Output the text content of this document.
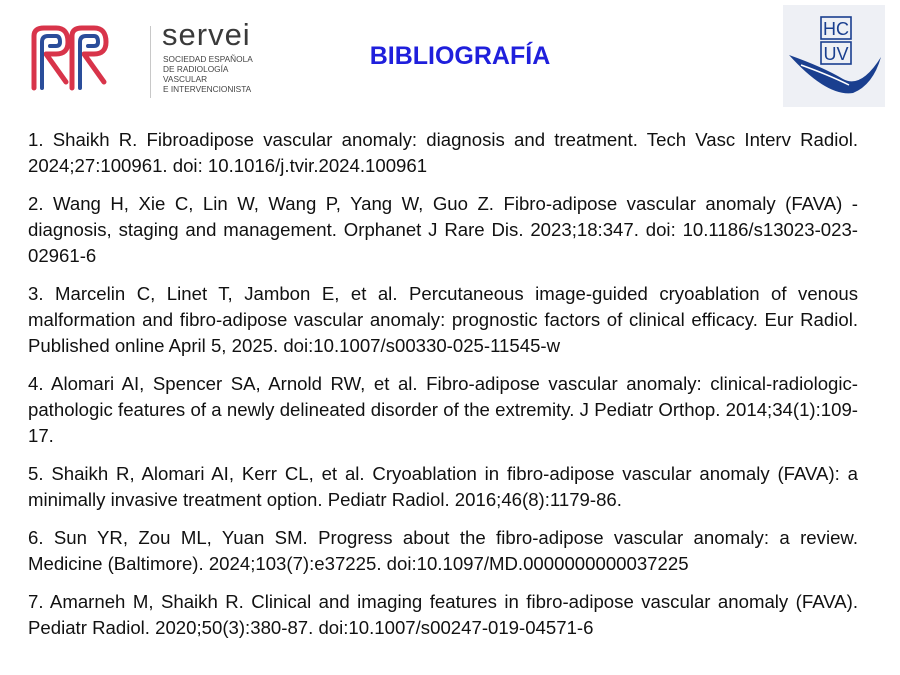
servei
SOCIEDAD ESPAÑOLA
DE RADIOLOGÍA
VASCULAR
E INTERVENCIONISTA
BIBLIOGRAFÍA
HC
UV

1. Shaikh R. Fibroadipose vascular anomaly: diagnosis and treatment. Tech Vasc Interv Radiol. 2024;27:100961. doi: 10.1016/j.tvir.2024.100961

2. Wang H, Xie C, Lin W, Wang P, Yang W, Guo Z. Fibro-adipose vascular anomaly (FAVA) - diagnosis, staging and management. Orphanet J Rare Dis. 2023;18:347. doi: 10.1186/s13023-023-02961-6

3. Marcelin C, Linet T, Jambon E, et al. Percutaneous image-guided cryoablation of venous malformation and fibro-adipose vascular anomaly: prognostic factors of clinical efficacy. Eur Radiol. Published online April 5, 2025. doi:10.1007/s00330-025-11545-w

4. Alomari AI, Spencer SA, Arnold RW, et al. Fibro-adipose vascular anomaly: clinical-radiologic-pathologic features of a newly delineated disorder of the extremity. J Pediatr Orthop. 2014;34(1):109-17.

5. Shaikh R, Alomari AI, Kerr CL, et al. Cryoablation in fibro-adipose vascular anomaly (FAVA): a minimally invasive treatment option. Pediatr Radiol. 2016;46(8):1179-86.

6. Sun YR, Zou ML, Yuan SM. Progress about the fibro-adipose vascular anomaly: a review. Medicine (Baltimore). 2024;103(7):e37225. doi:10.1097/MD.0000000000037225

7. Amarneh M, Shaikh R. Clinical and imaging features in fibro-adipose vascular anomaly (FAVA). Pediatr Radiol. 2020;50(3):380-87. doi:10.1007/s00247-019-04571-6
